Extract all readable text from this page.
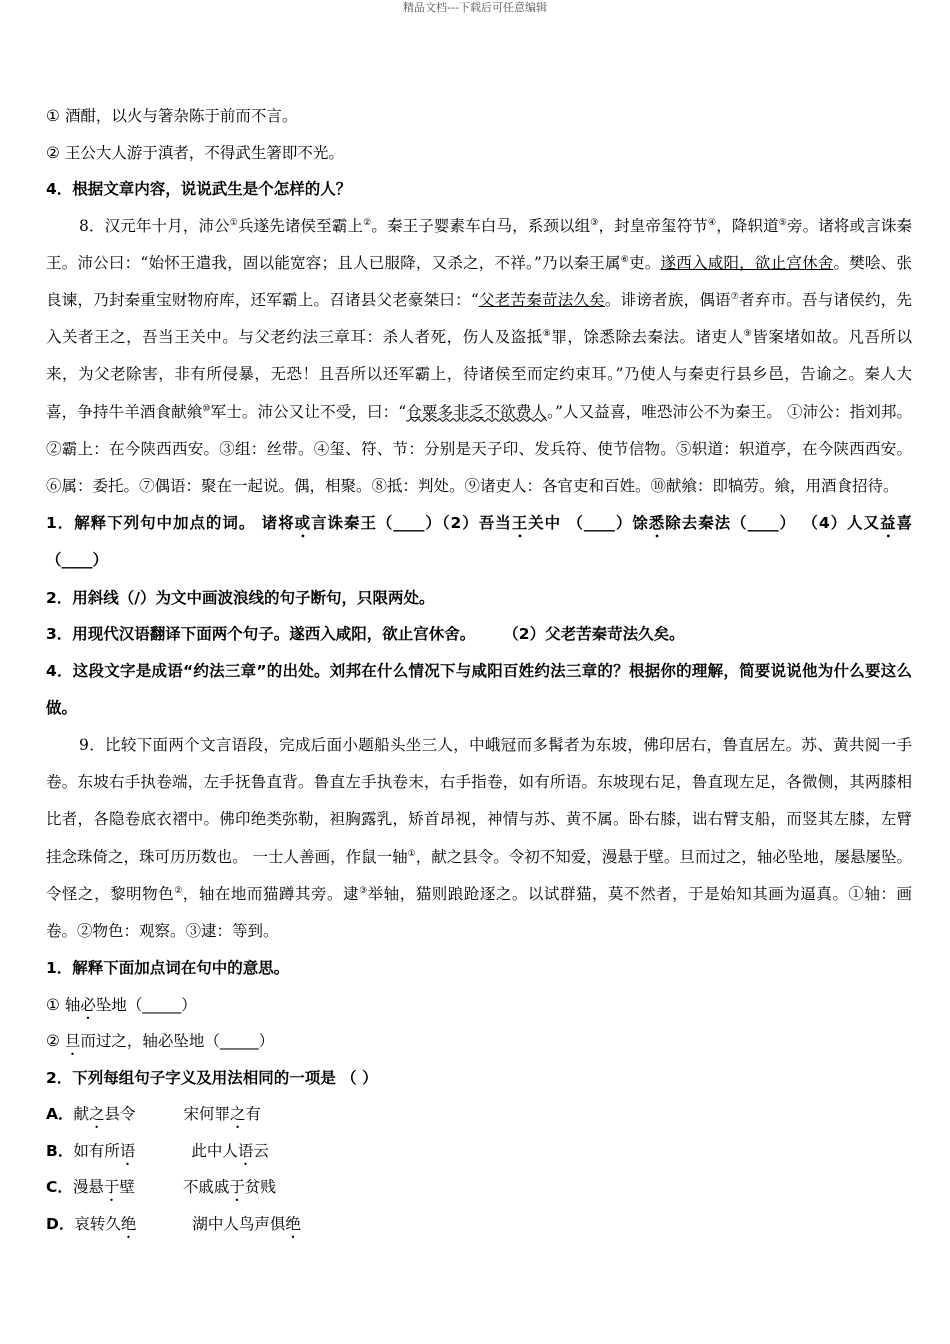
精品文档---下载后可任意编辑

① 酒酣，以火与箸杂陈于前而不言。

② 王公大人游于滇者，不得武生箸即不光。

4．根据文章内容，说说武生是个怎样的人？

8．汉元年十月，沛公①兵遂先诸侯至霸上②。秦王子婴素车白马，系颈以组③，封皇帝玺符节④，降轵道⑤旁。诸将或言诛秦王。沛公曰：“始怀王遣我，固以能宽容；且人已服降，又杀之，不祥。”乃以秦王属⑥吏。遂西入咸阳，欲止宫休舍。樊哙、张良谏，乃封秦重宝财物府库，还军霸上。召诸县父老豪桀曰：“父老苦秦苛法久矣。诽谤者族，偶语⑦者弃市。吾与诸侯约，先入关者王之，吾当王关中。与父老约法三章耳：杀人者死，伤人及盗抵⑧罪，馀悉除去秦法。诸吏人⑨皆案堵如故。凡吾所以来，为父老除害，非有所侵暴，无恐！且吾所以还军霸上，待诸侯至而定约束耳。”乃使人与秦吏行县乡邑，告谕之。秦人大喜，争持牛羊酒食献飨⑩军士。沛公又让不受，曰：“仓粟多非乏不欲费人。”人又益喜，唯恐沛公不为秦王。 ①沛公：指刘邦。②霸上：在今陕西西安。③组：丝带。④玺、符、节：分别是天子印、发兵符、使节信物。⑤轵道：轵道亭，在今陕西西安。⑥属：委托。⑦偶语：聚在一起说。偶，相聚。⑧抵：判处。⑨诸吏人：各官吏和百姓。⑩献飨：即犒劳。飨，用酒食招待。

1．解释下列句中加点的词。 诸将或言诛秦王（____）（2）吾当王关中 （____）馀悉除去秦法（____） （4）人又益喜（____）

2．用斜线（/）为文中画波浪线的句子断句，只限两处。

3．用现代汉语翻译下面两个句子。遂西入咸阳，欲止宫休舍。 （2）父老苦秦苛法久矣。

4．这段文字是成语“约法三章”的出处。刘邦在什么情况下与咸阳百姓约法三章的？根据你的理解，简要说说他为什么要这么做。

9．比较下面两个文言语段，完成后面小题船头坐三人，中峨冠而多髯者为东坡，佛印居右，鲁直居左。苏、黄共阅一手卷。东坡右手执卷端，左手抚鲁直背。鲁直左手执卷末，右手指卷，如有所语。东坡现右足，鲁直现左足，各微侧，其两膝相比者，各隐卷底衣褶中。佛印绝类弥勒，袒胸露乳，矫首昂视，神情与苏、黄不属。卧右膝，诎右臂支船，而竖其左膝，左臂挂念珠倚之，珠可历历数也。 一士人善画，作鼠一轴①，献之县令。令初不知爱，漫悬于壁。旦而过之，轴必坠地，屡悬屡坠。令怪之，黎明物色②，轴在地而猫蹲其旁。逮③举轴，猫则踉跄逐之。以试群猫，莫不然者，于是始知其画为逼真。①轴：画卷。②物色：观察。③逮：等到。

1．解释下面加点词在句中的意思。

① 轴必坠地（_____）

② 旦而过之，轴必坠地（_____）

2．下列每组句子字义及用法相同的一项是 （ ）

A．献之县令	宋何罪之有

B．如有所语	此中人语云

C．漫悬于壁	不戚戚于贫贱

D．哀转久绝	湖中人鸟声俱绝
